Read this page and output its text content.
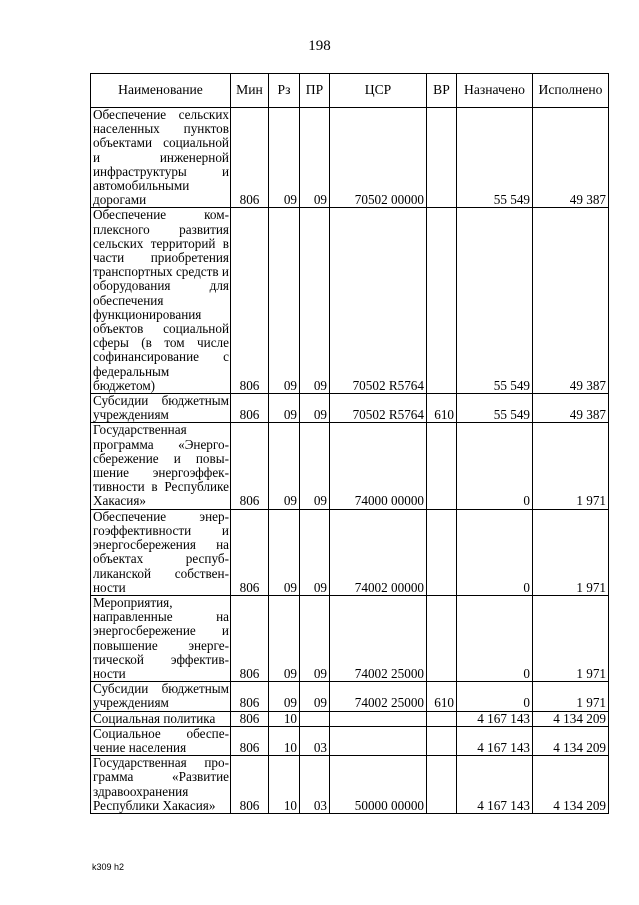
198
Наименование	Мин	Рз	ПР	ЦСР	ВР	Назначено	Исполнено
Обеспечение сельских населенных пунктов объектами социальной и инженерной инфраструктуры и автомобильными дорогами	806	09	09	70502 00000		55 549	49 387
Обеспечение комплексного развития сельских территорий в части приобретения транспортных средств и оборудования для обеспечения функционирования объектов социальной сферы (в том числе софинансирование с федеральным бюджетом)	806	09	09	70502 R5764		55 549	49 387
Субсидии бюджетным учреждениям	806	09	09	70502 R5764	610	55 549	49 387
Государственная программа «Энергосбережение и повышение энергоэффективности в Республике Хакасия»	806	09	09	74000 00000		0	1 971
Обеспечение энергоэффективности и энергосбережения на объектах республиканской собственности	806	09	09	74002 00000		0	1 971
Мероприятия, направленные на энергосбережение и повышение энергетической эффективности	806	09	09	74002 25000		0	1 971
Субсидии бюджетным учреждениям	806	09	09	74002 25000	610	0	1 971
Социальная политика	806	10				4 167 143	4 134 209
Социальное обеспечение населения	806	10	03			4 167 143	4 134 209
Государственная программа «Развитие здравоохранения Республики Хакасия»	806	10	03	50000 00000		4 167 143	4 134 209
k309 h2
